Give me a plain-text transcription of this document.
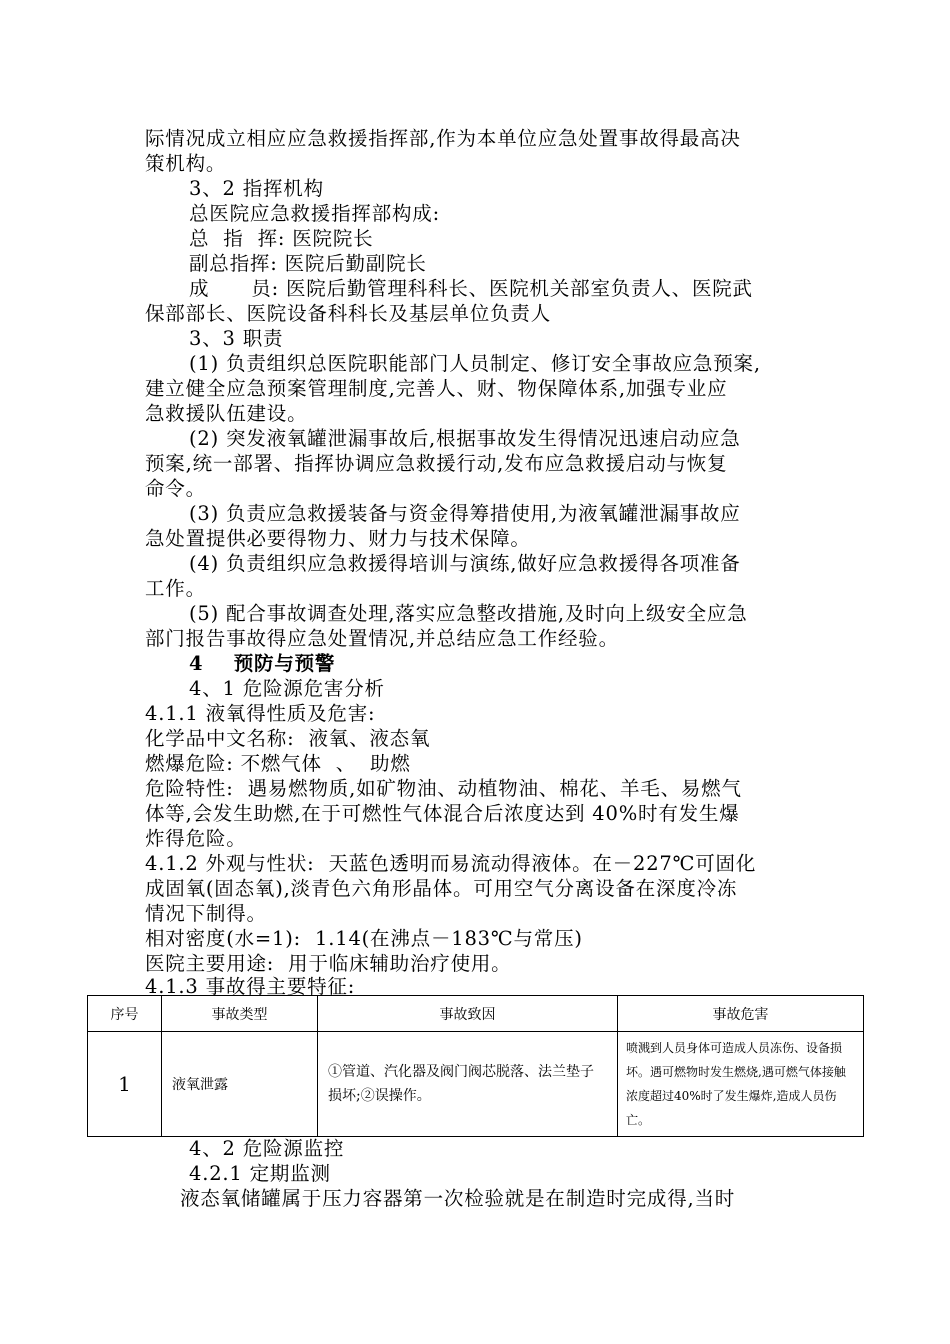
际情况成立相应应急救援指挥部,作为本单位应急处置事故得最高决
策机构。
3、2 指挥机构
总医院应急救援指挥部构成:
总  指  挥: 医院院长
副总指挥: 医院后勤副院长
成      员: 医院后勤管理科科长、医院机关部室负责人、医院武
保部部长、医院设备科科长及基层单位负责人
3、3 职责
(1) 负责组织总医院职能部门人员制定、修订安全事故应急预案,
建立健全应急预案管理制度,完善人、财、物保障体系,加强专业应
急救援队伍建设。
(2) 突发液氧罐泄漏事故后,根据事故发生得情况迅速启动应急
预案,统一部署、指挥协调应急救援行动,发布应急救援启动与恢复
命令。
(3) 负责应急救援装备与资金得筹措使用,为液氧罐泄漏事故应
急处置提供必要得物力、财力与技术保障。
(4) 负责组织应急救援得培训与演练,做好应急救援得各项准备
工作。
(5) 配合事故调查处理,落实应急整改措施,及时向上级安全应急
部门报告事故得应急处置情况,并总结应急工作经验。
4    预防与预警
4、1 危险源危害分析
4.1.1 液氧得性质及危害:
化学品中文名称:  液氧、液态氧
燃爆危险: 不燃气体  、  助燃
危险特性:  遇易燃物质,如矿物油、动植物油、棉花、羊毛、易燃气
体等,会发生助燃,在于可燃性气体混合后浓度达到 40%时有发生爆
炸得危险。
4.1.2 外观与性状:  天蓝色透明而易流动得液体。在－227℃可固化
成固氧(固态氧),淡青色六角形晶体。可用空气分离设备在深度冷冻
情况下制得。
相对密度(水=1):  1.14(在沸点－183℃与常压)
医院主要用途:  用于临床辅助治疗使用。
4.1.3 事故得主要特征:
序号	事故类型	事故致因	事故危害
1	液氧泄露	①管道、汽化器及阀门阀芯脱落、法兰垫子损坏;②误操作。	喷溅到人员身体可造成人员冻伤、设备损坏。遇可燃物时发生燃烧,遇可燃气体接触浓度超过40%时了发生爆炸,造成人员伤亡。
4、2 危险源监控
4.2.1 定期监测
液态氧储罐属于压力容器第一次检验就是在制造时完成得,当时
